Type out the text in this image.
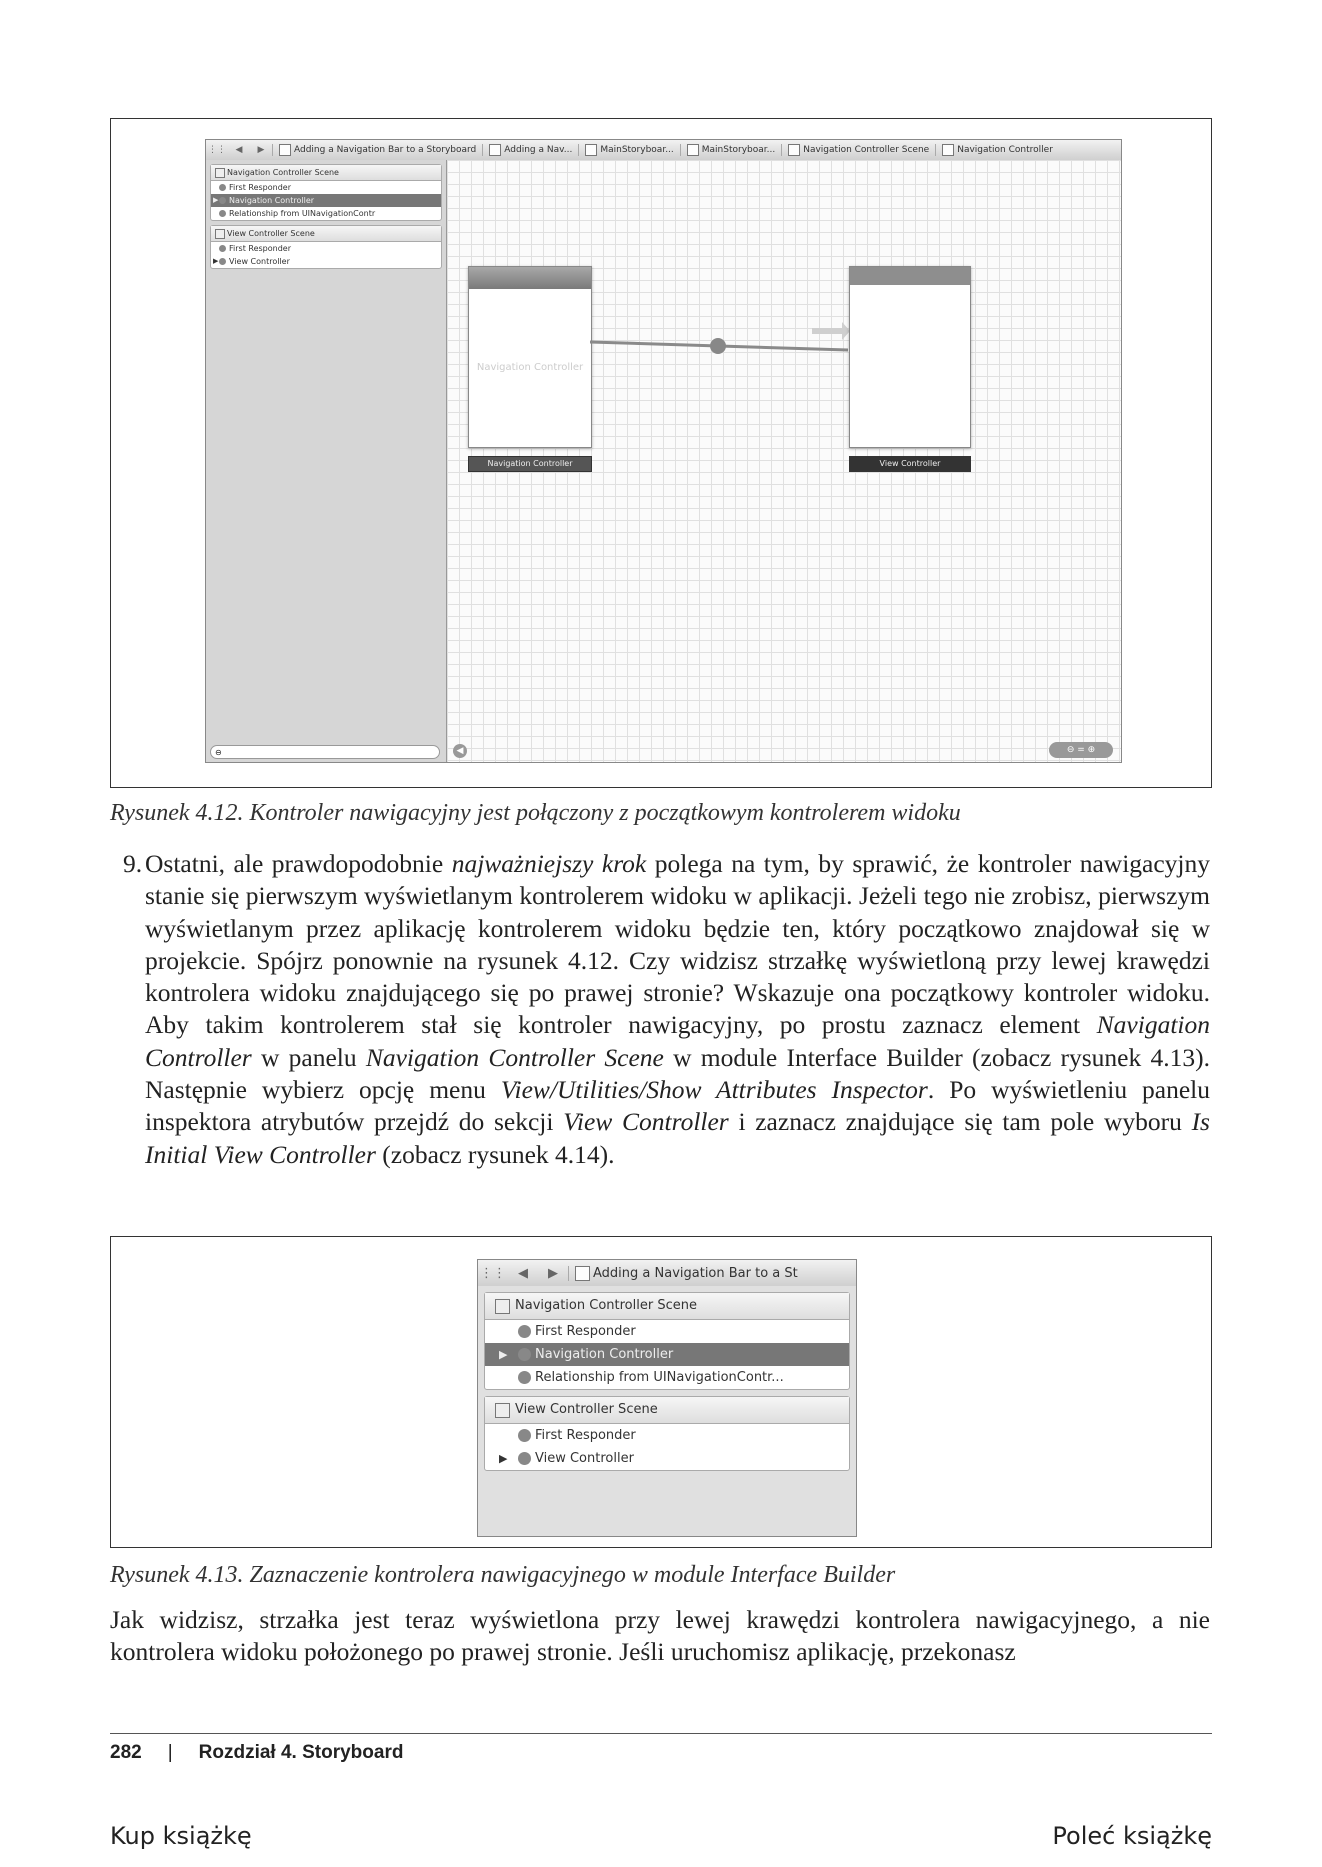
⋮⋮	◀	▶	Adding a Navigation Bar to a Storyboard	Adding a Nav...	MainStoryboar...	MainStoryboar...	Navigation Controller Scene	Navigation Controller
Navigation Controller Scene
First Responder
▶ Navigation Controller
Relationship from UINavigationContr
View Controller Scene
First Responder
▶ View Controller
⊖
Navigation Controller
Navigation Controller	View Controller
◀	⊖ = ⊕
Rysunek 4.12. Kontroler nawigacyjny jest połączony z początkowym kontrolerem widoku
9. Ostatni, ale prawdopodobnie najważniejszy krok polega na tym, by sprawić, że kontroler nawigacyjny stanie się pierwszym wyświetlanym kontrolerem widoku w aplikacji. Jeżeli tego nie zrobisz, pierwszym wyświetlanym przez aplikację kontrolerem widoku będzie ten, który początkowo znajdował się w projekcie. Spójrz ponownie na rysunek 4.12. Czy widzisz strzałkę wyświetloną przy lewej krawędzi kontrolera widoku znajdującego się po prawej stronie? Wskazuje ona początkowy kontroler widoku. Aby takim kontrolerem stał się kontroler nawigacyjny, po prostu zaznacz element Navigation Controller w panelu Navigation Controller Scene w module Interface Builder (zobacz rysunek 4.13). Następnie wybierz opcję menu View/Utilities/Show Attributes Inspector. Po wyświetleniu panelu inspektora atrybutów przejdź do sekcji View Controller i zaznacz znajdujące się tam pole wyboru Is Initial View Controller (zobacz rysunek 4.14).
⋮⋮ ◀	▶	Adding a Navigation Bar to a St
Navigation Controller Scene
First Responder
▶ Navigation Controller
Relationship from UINavigationContr...
View Controller Scene
First Responder
▶ View Controller
Rysunek 4.13. Zaznaczenie kontrolera nawigacyjnego w module Interface Builder
Jak widzisz, strzałka jest teraz wyświetlona przy lewej krawędzi kontrolera nawigacyjnego, a nie kontrolera widoku położonego po prawej stronie. Jeśli uruchomisz aplikację, przekonasz
282 | Rozdział 4. Storyboard
Kup książkę	Poleć książkę
